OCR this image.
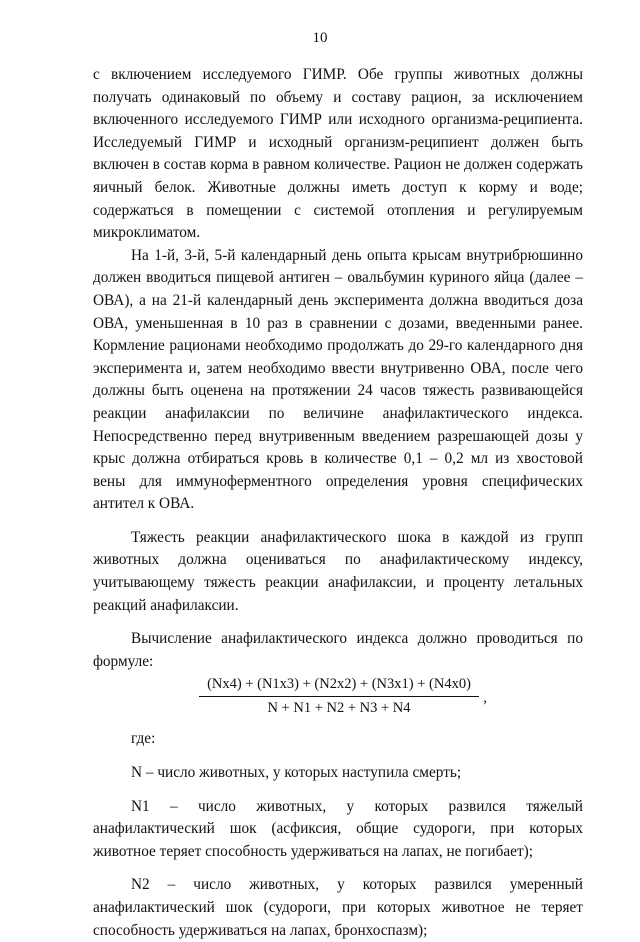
10

с включением исследуемого ГИМР. Обе группы животных должны получать одинаковый по объему и составу рацион, за исключением включенного исследуемого ГИМР или исходного организма-реципиента. Исследуемый ГИМР и исходный организм-реципиент должен быть включен в состав корма в равном количестве. Рацион не должен содержать яичный белок. Животные должны иметь доступ к корму и воде; содержаться в помещении с системой отопления и регулируемым микроклиматом.

На 1-й, 3-й, 5-й календарный день опыта крысам внутрибрюшинно должен вводиться пищевой антиген – овальбумин куриного яйца (далее – ОВА), а на 21-й календарный день эксперимента должна вводиться доза ОВА, уменьшенная в 10 раз в сравнении с дозами, введенными ранее. Кормление рационами необходимо продолжать до 29-го календарного дня эксперимента и, затем необходимо ввести внутривенно ОВА, после чего должны быть оценена на протяжении 24 часов тяжесть развивающейся реакции анафилаксии по величине анафилактического индекса. Непосредственно перед внутривенным введением разрешающей дозы у крыс должна отбираться кровь в количестве 0,1 – 0,2 мл из хвостовой вены для иммуноферментного определения уровня специфических антител к ОВА.

Тяжесть реакции анафилактического шока в каждой из групп животных должна оцениваться по анафилактическому индексу, учитывающему тяжесть реакции анафилаксии, и проценту летальных реакций анафилаксии.

Вычисление анафилактического индекса должно проводиться по формуле:

(Nx4) + (N1x3) + (N2x2) + (N3x1) + (N4x0)
N + N1 + N2 + N3 + N4
,

где:

N – число животных, у которых наступила смерть;

N1 – число животных, у которых развился тяжелый анафилактический шок (асфиксия, общие судороги, при которых животное теряет способность удерживаться на лапах, не погибает);

N2 – число животных, у которых развился умеренный анафилактический шок (судороги, при которых животное не теряет способность удерживаться на лапах, бронхоспазм);
